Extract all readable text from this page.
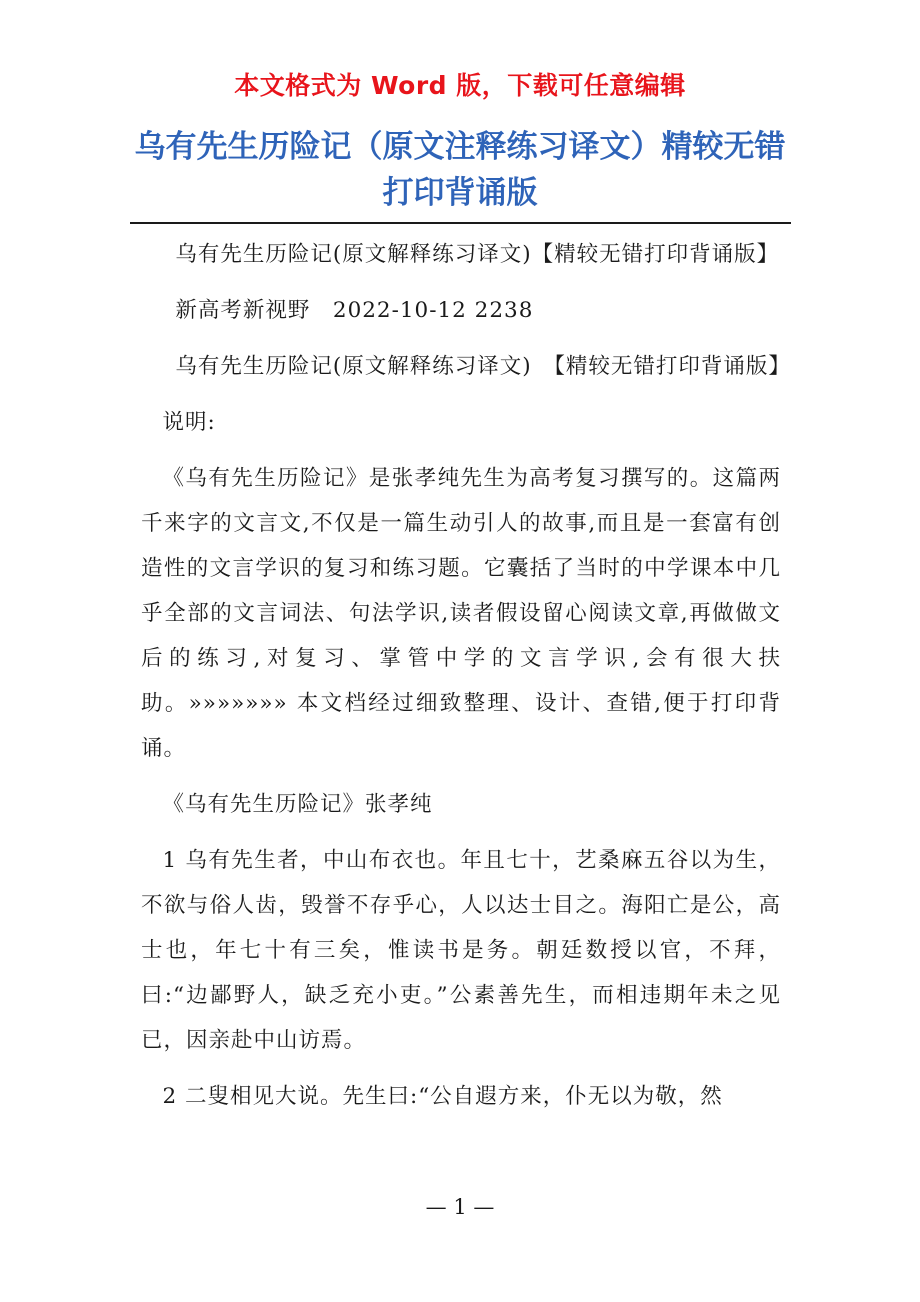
本文格式为 Word 版，下载可任意编辑
乌有先生历险记（原文注释练习译文）精较无错打印背诵版

乌有先生历险记(原文解释练习译文)【精较无错打印背诵版】

新高考新视野　2022-10-12 2238

乌有先生历险记(原文解释练习译文)　【精较无错打印背诵版】

说明:

《乌有先生历险记》是张孝纯先生为高考复习撰写的。这篇两千来字的文言文,不仅是一篇生动引人的故事,而且是一套富有创造性的文言学识的复习和练习题。它囊括了当时的中学课本中几乎全部的文言词法、句法学识,读者假设留心阅读文章,再做做文后的练习,对复习、掌管中学的文言学识,会有很大扶助。»»»»»»» 本文档经过细致整理、设计、查错,便于打印背诵。

《乌有先生历险记》张孝纯

1 乌有先生者，中山布衣也。年且七十，艺桑麻五谷以为生，不欲与俗人齿，毁誉不存乎心，人以达士目之。海阳亡是公，高士也，年七十有三矣，惟读书是务。朝廷数授以官，不拜，曰:“边鄙野人，缺乏充小吏。”公素善先生，而相违期年未之见已，因亲赴中山访焉。

2 二叟相见大说。先生曰:“公自遐方来，仆无以为敬，然

— 1 —
